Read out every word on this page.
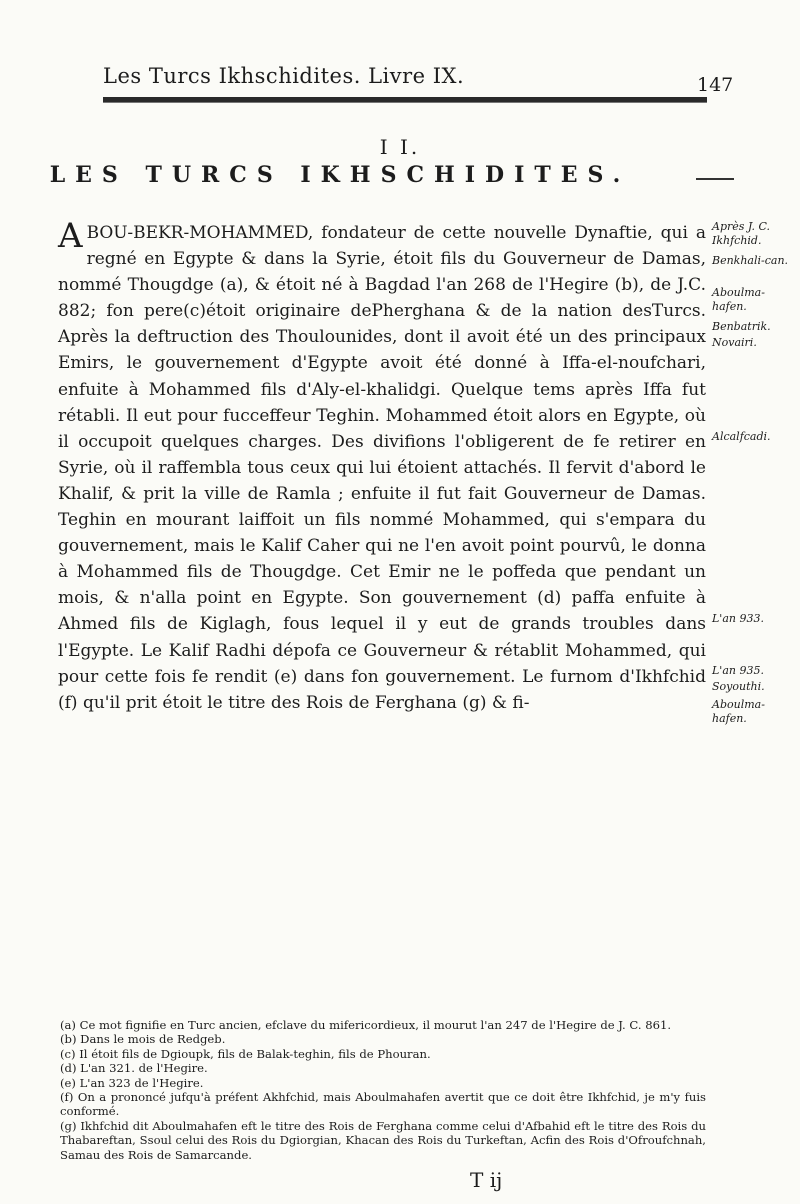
Les Turcs Ikhschidites. Livre IX.	147
I I.
LES TURCS IKHSCHIDITES.
A BOU-BEKR-MOHAMMED, fondateur de cette nouvelle Dynaftie, qui a regné en Egypte & dans la Syrie, étoit fils du Gouverneur de Damas, nommé Thougdge (a), & étoit né à Bagdad l'an 268 de l'Hegire (b), de J.C. 882; fon pere(c)étoit originaire dePherghana & de la nation desTurcs. Après la deftruction des Thoulounides, dont il avoit été un des principaux Emirs, le gouvernement d'Egypte avoit été donné à Iffa-el-noufchari, enfuite à Mohammed fils d'Aly-el-khalidgi. Quelque tems après Iffa fut rétabli. Il eut pour fucceffeur Teghin. Mohammed étoit alors en Egypte, où il occupoit quelques charges. Des divifions l'obligerent de fe retirer en Syrie, où il raffembla tous ceux qui lui étoient attachés. Il fervit d'abord le Khalif, & prit la ville de Ramla ; enfuite il fut fait Gouverneur de Damas. Teghin en mourant laiffoit un fils nommé Mohammed, qui s'empara du gouvernement, mais le Kalif Caher qui ne l'en avoit point pourvû, le donna à Mohammed fils de Thougdge. Cet Emir ne le poffeda que pendant un mois, & n'alla point en Egypte. Son gouvernement (d) paffa enfuite à Ahmed fils de Kiglagh, fous lequel il y eut de grands troubles dans l'Egypte. Le Kalif Radhi dépofa ce Gouverneur & rétablit Mohammed, qui pour cette fois fe rendit (e) dans fon gouvernement. Le furnom d'Ikhfchid (f) qu'il prit étoit le titre des Rois de Ferghana (g) & fi-

Après J. C. Ikhfchid.
Benkhali-can.
Aboulma-hafen.
Benbatrik.
Novairi.
Alcalfcadi.
L'an 933.
L'an 935.
Soyouthi.
Aboulma-hafen.
(a) Ce mot fignifie en Turc ancien, efclave du mifericordieux, il mourut l'an 247 de l'Hegire de J. C. 861.
(b) Dans le mois de Redgeb.
(c) Il étoit fils de Dgioupk, fils de Balak-teghin, fils de Phouran.
(d) L'an 321. de l'Hegire.
(e) L'an 323 de l'Hegire.
(f) On a prononcé jufqu'à préfent Akhfchid, mais Aboulmahafen avertit que ce doit être Ikhfchid, je m'y fuis conformé.
(g) Ikhfchid dit Aboulmahafen eft le titre des Rois de Ferghana comme celui d'Afbahid eft le titre des Rois du Thabareftan, Ssoul celui des Rois du Dgiorgian, Khacan des Rois du Turkeftan, Acfin des Rois d'Ofroufchnah, Samau des Rois de Samarcande.
T ij
